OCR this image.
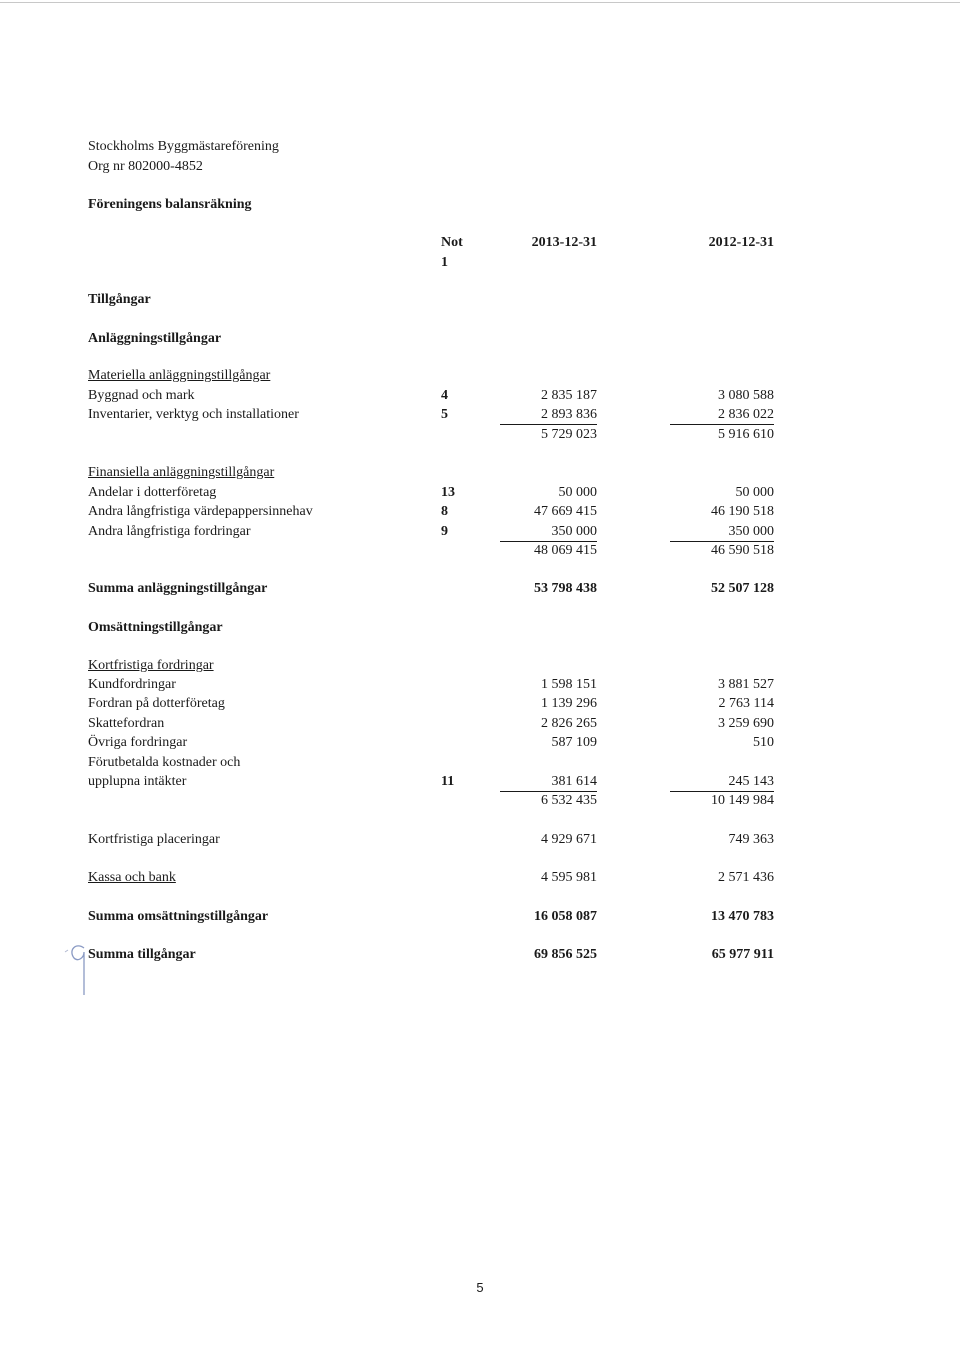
Stockholms Byggmästareförening
Org nr 802000-4852
Föreningens balansräkning
Not
1
2013-12-31	2012-12-31
Tillgångar
Anläggningstillgångar
Materiella anläggningstillgångar
Byggnad och mark	4	2 835 187	3 080 588
Inventarier, verktyg och installationer	5	2 893 836	2 836 022
5 729 023	5 916 610
Finansiella anläggningstillgångar
Andelar i dotterföretag	13	50 000	50 000
Andra långfristiga värdepappersinnehav	8	47 669 415	46 190 518
Andra långfristiga fordringar	9	350 000	350 000
48 069 415	46 590 518
Summa anläggningstillgångar	53 798 438	52 507 128
Omsättningstillgångar
Kortfristiga fordringar
Kundfordringar	1 598 151	3 881 527
Fordran på dotterföretag	1 139 296	2 763 114
Skattefordran	2 826 265	3 259 690
Övriga fordringar	587 109	510
Förutbetalda kostnader och
upplupna intäkter	11	381 614	245 143
6 532 435	10 149 984
Kortfristiga placeringar	4 929 671	749 363
Kassa och bank	4 595 981	2 571 436
Summa omsättningstillgångar	16 058 087	13 470 783
Summa tillgångar	69 856 525	65 977 911
5
